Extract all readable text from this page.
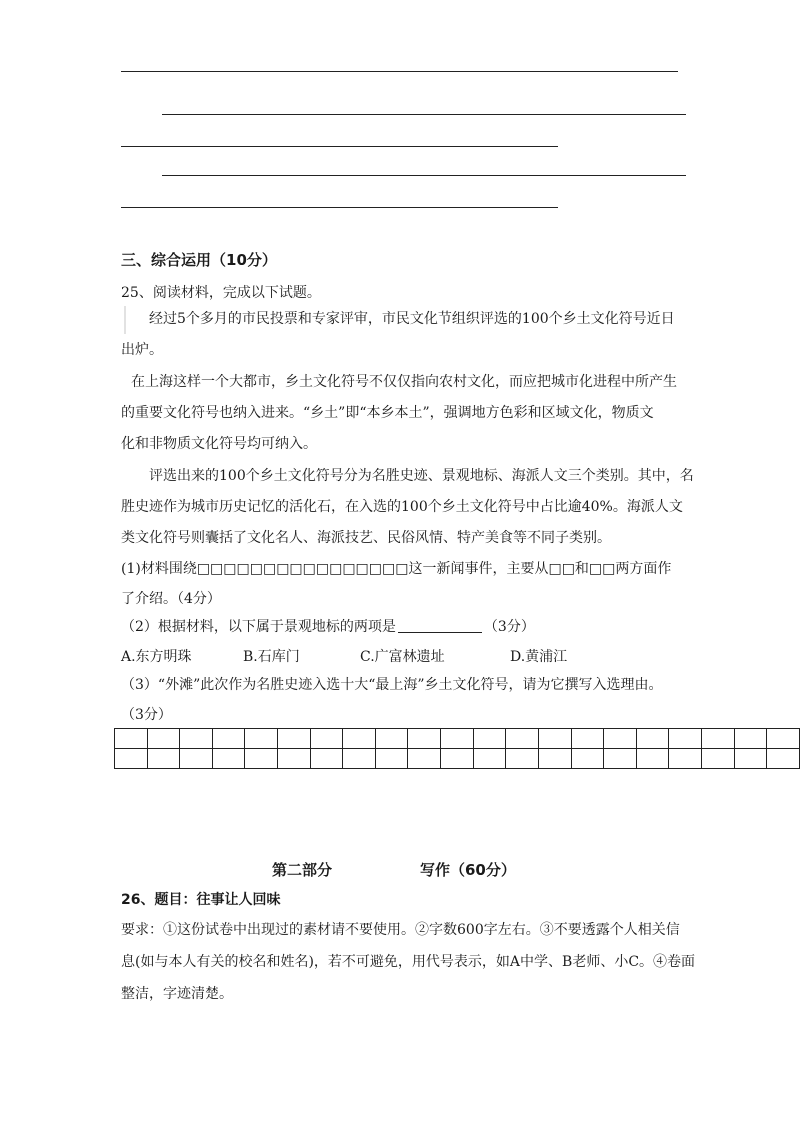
三、综合运用（10分）
25、阅读材料，完成以下试题。
经过5个多月的市民投票和专家评审，市民文化节组织评选的100个乡土文化符号近日
出炉。
在上海这样一个大都市，乡土文化符号不仅仅指向农村文化，而应把城市化进程中所产生
的重要文化符号也纳入进来。“乡土”即“本乡本土”，强调地方色彩和区域文化，物质文
化和非物质文化符号均可纳入。
评选出来的100个乡土文化符号分为名胜史迹、景观地标、海派人文三个类别。其中，名
胜史迹作为城市历史记忆的活化石，在入选的100个乡土文化符号中占比逾40%。海派人文
类文化符号则囊括了文化名人、海派技艺、民俗风情、特产美食等不同子类别。
(1)材料围绕□□□□□□□□□□□□□□□□这一新闻事件，主要从□□和□□两方面作
了介绍。（4分）
（2）根据材料，以下属于景观地标的两项是	（3分）
A.东方明珠	B.石库门	C.广富林遗址	D.黄浦江
（3）“外滩”此次作为名胜史迹入选十大“最上海”乡土文化符号，请为它撰写入选理由。
（3分）

第二部分	写作（60分）
26、题目：往事让人回味
要求：①这份试卷中出现过的素材请不要使用。②字数600字左右。③不要透露个人相关信
息(如与本人有关的校名和姓名)，若不可避免，用代号表示，如A中学、B老师、小C。④卷面
整洁，字迹清楚。
